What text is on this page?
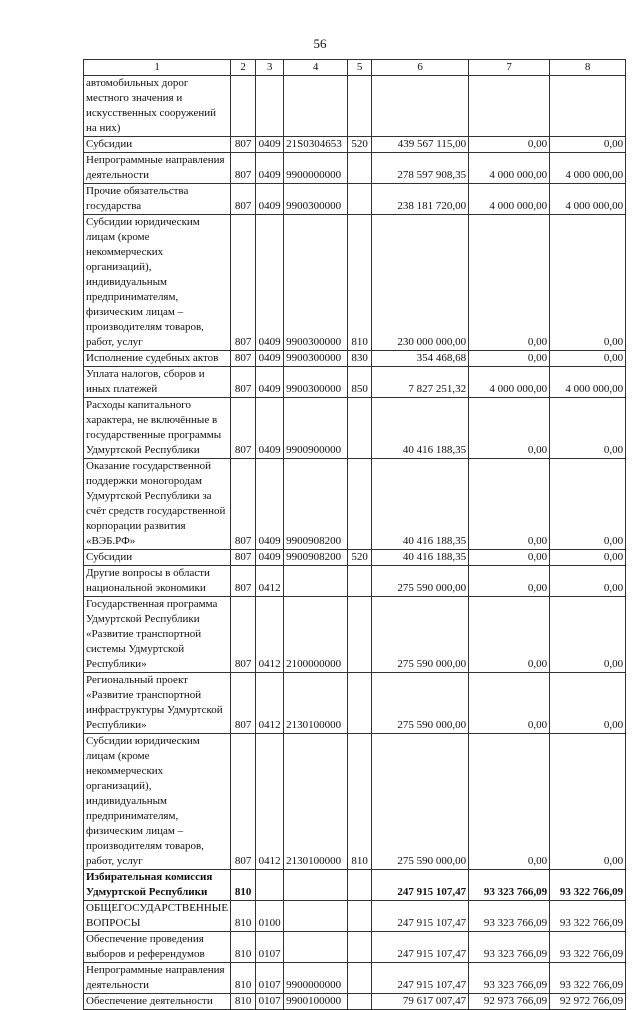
56
1	2	3	4	5	6	7	8
автомобильных дорог местного значения и искусственных сооружений на них)							
Субсидии	807	0409	21S0304653	520	439 567 115,00	0,00	0,00
Непрограммные направления деятельности	807	0409	9900000000		278 597 908,35	4 000 000,00	4 000 000,00
Прочие обязательства государства	807	0409	9900300000		238 181 720,00	4 000 000,00	4 000 000,00
Субсидии юридическим лицам (кроме некоммерческих организаций), индивидуальным предпринимателям, физическим лицам – производителям товаров, работ, услуг	807	0409	9900300000	810	230 000 000,00	0,00	0,00
Исполнение судебных актов	807	0409	9900300000	830	354 468,68	0,00	0,00
Уплата налогов, сборов и иных платежей	807	0409	9900300000	850	7 827 251,32	4 000 000,00	4 000 000,00
Расходы капитального характера, не включённые в государственные программы Удмуртской Республики	807	0409	9900900000		40 416 188,35	0,00	0,00
Оказание государственной поддержки моногородам Удмуртской Республики за счёт средств государственной корпорации развития «ВЭБ.РФ»	807	0409	9900908200		40 416 188,35	0,00	0,00
Субсидии	807	0409	9900908200	520	40 416 188,35	0,00	0,00
Другие вопросы в области национальной экономики	807	0412			275 590 000,00	0,00	0,00
Государственная программа Удмуртской Республики «Развитие транспортной системы Удмуртской Республики»	807	0412	2100000000		275 590 000,00	0,00	0,00
Региональный проект «Развитие транспортной инфраструктуры Удмуртской Республики»	807	0412	2130100000		275 590 000,00	0,00	0,00
Субсидии юридическим лицам (кроме некоммерческих организаций), индивидуальным предпринимателям, физическим лицам – производителям товаров, работ, услуг	807	0412	2130100000	810	275 590 000,00	0,00	0,00
Избирательная комиссия Удмуртской Республики	810				247 915 107,47	93 323 766,09	93 322 766,09
ОБЩЕГОСУДАРСТВЕННЫЕ ВОПРОСЫ	810	0100			247 915 107,47	93 323 766,09	93 322 766,09
Обеспечение проведения выборов и референдумов	810	0107			247 915 107,47	93 323 766,09	93 322 766,09
Непрограммные направления деятельности	810	0107	9900000000		247 915 107,47	93 323 766,09	93 322 766,09
Обеспечение деятельности	810	0107	9900100000		79 617 007,47	92 973 766,09	92 972 766,09
